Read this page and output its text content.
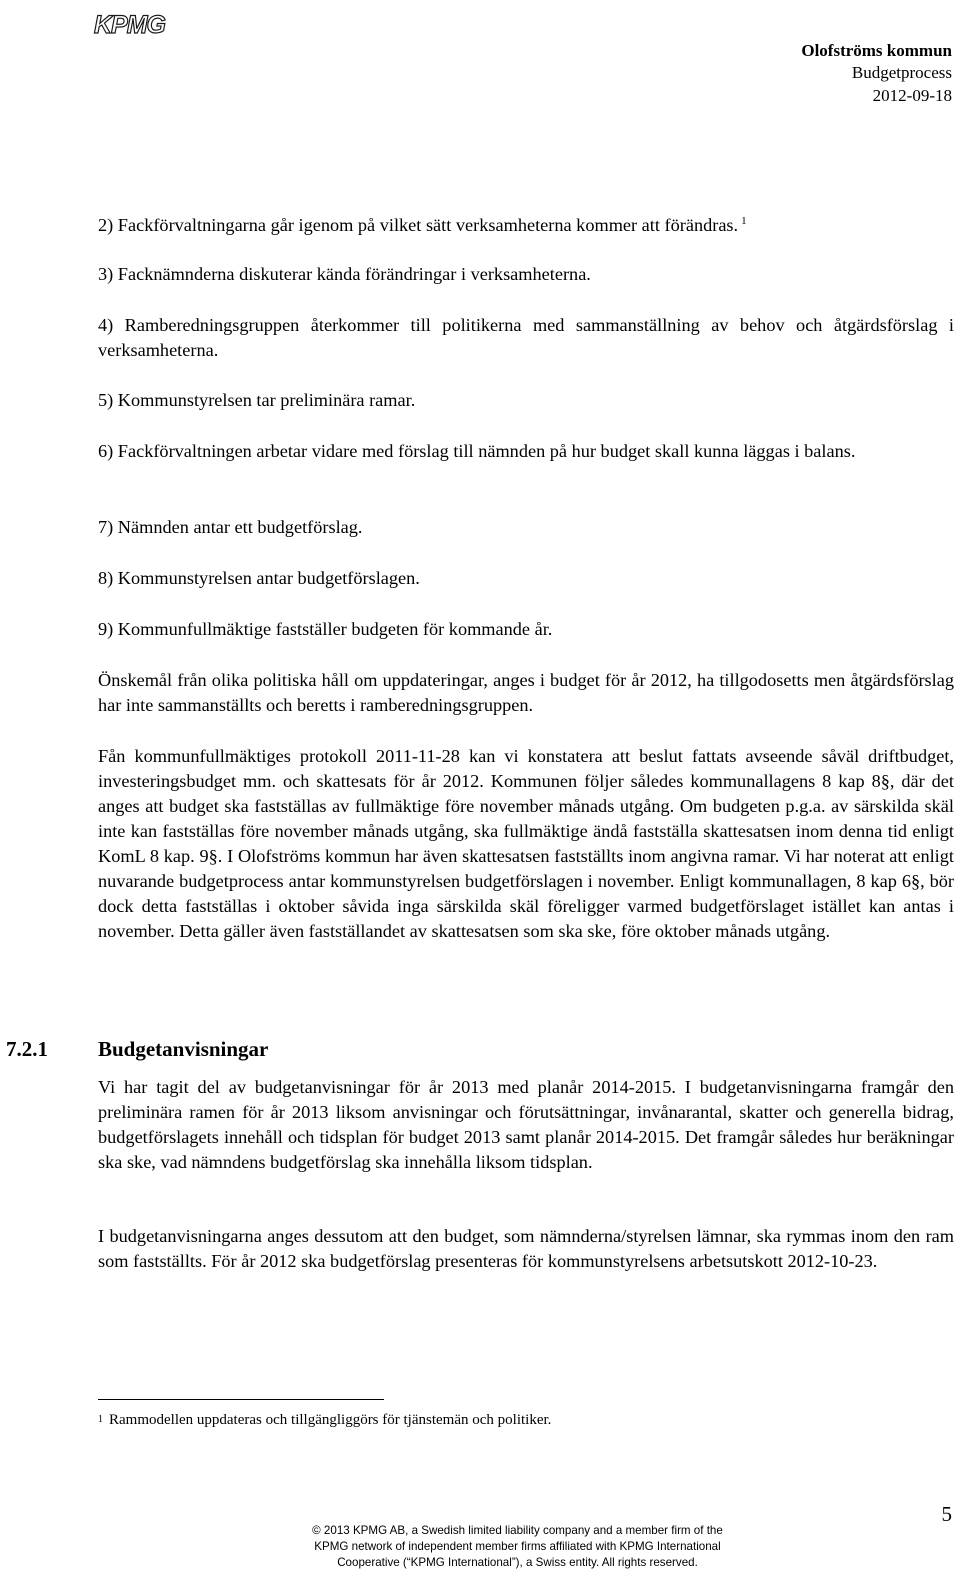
KPMG
Olofströms kommun
Budgetprocess
2012-09-18

2) Fackförvaltningarna går igenom på vilket sätt verksamheterna kommer att förändras. $^1$

3) Facknämnderna diskuterar kända förändringar i verksamheterna.

4) Ramberedningsgruppen återkommer till politikerna med sammanställning av behov och åtgärdsförslag i verksamheterna.

5) Kommunstyrelsen tar preliminära ramar.

6) Fackförvaltningen arbetar vidare med förslag till nämnden på hur budget skall kunna läggas i balans.

7) Nämnden antar ett budgetförslag.

8) Kommunstyrelsen antar budgetförslagen.

9) Kommunfullmäktige fastställer budgeten för kommande år.

Önskemål från olika politiska håll om uppdateringar, anges i budget för år 2012, ha tillgodosetts men åtgärdsförslag har inte sammanställts och beretts i ramberedningsgruppen.

Fån kommunfullmäktiges protokoll 2011-11-28 kan vi konstatera att beslut fattats avseende såväl driftbudget, investeringsbudget mm. och skattesats för år 2012. Kommunen följer således kommunallagens 8 kap 8§, där det anges att budget ska fastställas av fullmäktige före november månads utgång. Om budgeten p.g.a. av särskilda skäl inte kan fastställas före november månads utgång, ska fullmäktige ändå fastställa skattesatsen inom denna tid enligt KomL 8 kap. 9§. I Olofströms kommun har även skattesatsen fastställts inom angivna ramar. Vi har noterat att enligt nuvarande budgetprocess antar kommunstyrelsen budgetförslagen i november. Enligt kommunallagen, 8 kap 6§, bör dock detta fastställas i oktober såvida inga särskilda skäl föreligger varmed budgetförslaget istället kan antas i november. Detta gäller även fastställandet av skattesatsen som ska ske, före oktober månads utgång.

7.2.1 Budgetanvisningar

Vi har tagit del av budgetanvisningar för år 2013 med planår 2014-2015. I budgetanvisningarna framgår den preliminära ramen för år 2013 liksom anvisningar och förutsättningar, invånarantal, skatter och generella bidrag, budgetförslagets innehåll och tidsplan för budget 2013 samt planår 2014-2015. Det framgår således hur beräkningar ska ske, vad nämndens budgetförslag ska innehålla liksom tidsplan.

I budgetanvisningarna anges dessutom att den budget, som nämnderna/styrelsen lämnar, ska rymmas inom den ram som fastställts. För år 2012 ska budgetförslag presenteras för kommunstyrelsens arbetsutskott 2012-10-23.

$^1$ Rammodellen uppdateras och tillgängliggörs för tjänstemän och politiker.
5
© 2013 KPMG AB, a Swedish limited liability company and a member firm of the
KPMG network of independent member firms affiliated with KPMG International
Cooperative (“KPMG International”), a Swiss entity. All rights reserved.
